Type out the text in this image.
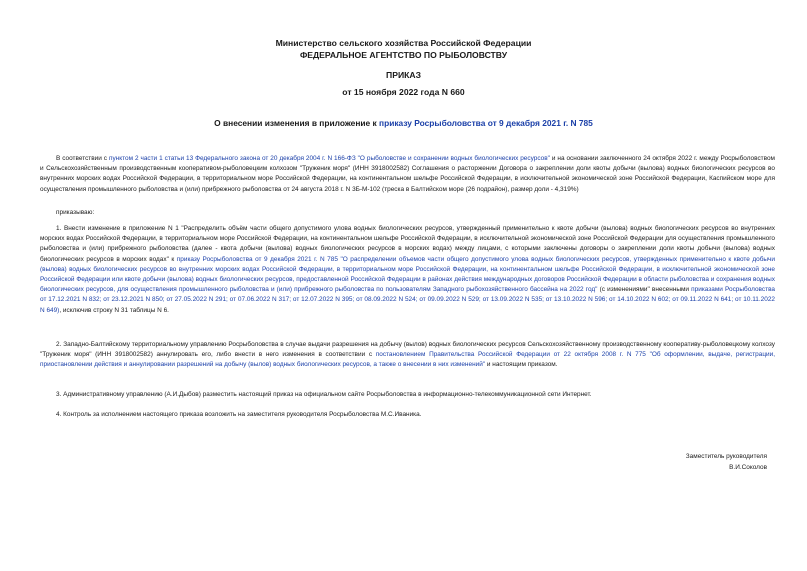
Министерство сельского хозяйства Российской Федерации
ФЕДЕРАЛЬНОЕ АГЕНТСТВО ПО РЫБОЛОВСТВУ
ПРИКАЗ
от 15 ноября 2022 года N 660
О внесении изменения в приложение к приказу Росрыболовства от 9 декабря 2021 г. N 785
В соответствии с пунктом 2 части 1 статьи 13 Федерального закона от 20 декабря 2004 г. N 166-ФЗ "О рыболовстве и сохранении водных биологических ресурсов" и на основании заключенного 24 октября 2022 г. между Росрыболовством и Сельскохозяйственным производственным кооперативом-рыболовецким колхозом "Труженик моря" (ИНН 3918002582) Соглашения о расторжении Договора о закреплении доли квоты добычи (вылова) водных биологических ресурсов во внутренних морских водах Российской Федерации, в территориальном море Российской Федерации, на континентальном шельфе Российской Федерации, в исключительной экономической зоне Российской Федерации, Каспийском море для осуществления промышленного рыболовства и (или) прибрежного рыболовства от 24 августа 2018 г. N 3Б-М-102 (треска в Балтийском море (26 подрайон), размер доли - 4,319%)
приказываю:
1. Внести изменение в приложение N 1 "Распределить объём части общего допустимого улова водных биологических ресурсов, утвержденный применительно к квоте добычи (вылова) водных биологических ресурсов во внутренних морских водах Российской Федерации, в территориальном море Российской Федерации, на континентальном шельфе Российской Федерации, в исключительной экономической зоне Российской Федерации для осуществления промышленного рыболовства и (или) прибрежного рыболовства (далее - квота добычи (вылова) водных биологических ресурсов в морских водах) между лицами, с которыми заключены договоры о закреплении доли квоты добычи (вылова) водных биологических ресурсов в морских водах" к приказу Росрыболовства от 9 декабря 2021 г. N 785 "О распределении объемов части общего допустимого улова водных биологических ресурсов, утвержденных применительно к квоте добычи (вылова) водных биологических ресурсов во внутренних морских водах Российской Федерации, в территориальном море Российской Федерации, на континентальном шельфе Российской Федерации, в исключительной экономической зоне Российской Федерации или квоте добычи (вылова) водных биологических ресурсов, предоставленной Российской Федерации в районах действия международных договоров Российской Федерации в области рыболовства и сохранения водных биологических ресурсов, для осуществления промышленного рыболовства и (или) прибрежного рыболовства по пользователям Западного рыбохозяйственного бассейна на 2022 год" (с изменениями" внесенными приказами Росрыболовства от 17.12.2021 N 832; от 23.12.2021 N 850; от 27.05.2022 N 291; от 07.06.2022 N 317; от 12.07.2022 N 395; от 08.09.2022 N 524; от 09.09.2022 N 529; от 13.09.2022 N 535; от 13.10.2022 N 596; от 14.10.2022 N 602; от 09.11.2022 N 641; от 10.11.2022 N 649), исключив строку N 31 таблицы N 6.
2. Западно-Балтийскому территориальному управлению Росрыболовства в случае выдачи разрешения на добычу (вылов) водных биологических ресурсов Сельскохозяйственному производственному кооперативу-рыболовецкому колхозу "Труженик моря" (ИНН 3918002582) аннулировать его, либо внести в него изменения в соответствии с постановлением Правительства Российской Федерации от 22 октября 2008 г. N 775 "Об оформлении, выдаче, регистрации, приостановлении действия и аннулировании разрешений на добычу (вылов) водных биологических ресурсов, а также о внесении в них изменений" и настоящим приказом.
3. Административному управлению (А.И.Дыбов) разместить настоящий приказ на официальном сайте Росрыболовства в информационно-телекоммуникационной сети Интернет.
4. Контроль за исполнением настоящего приказа возложить на заместителя руководителя Росрыболовства М.С.Иваника.
Заместитель руководителя
В.И.Соколов
